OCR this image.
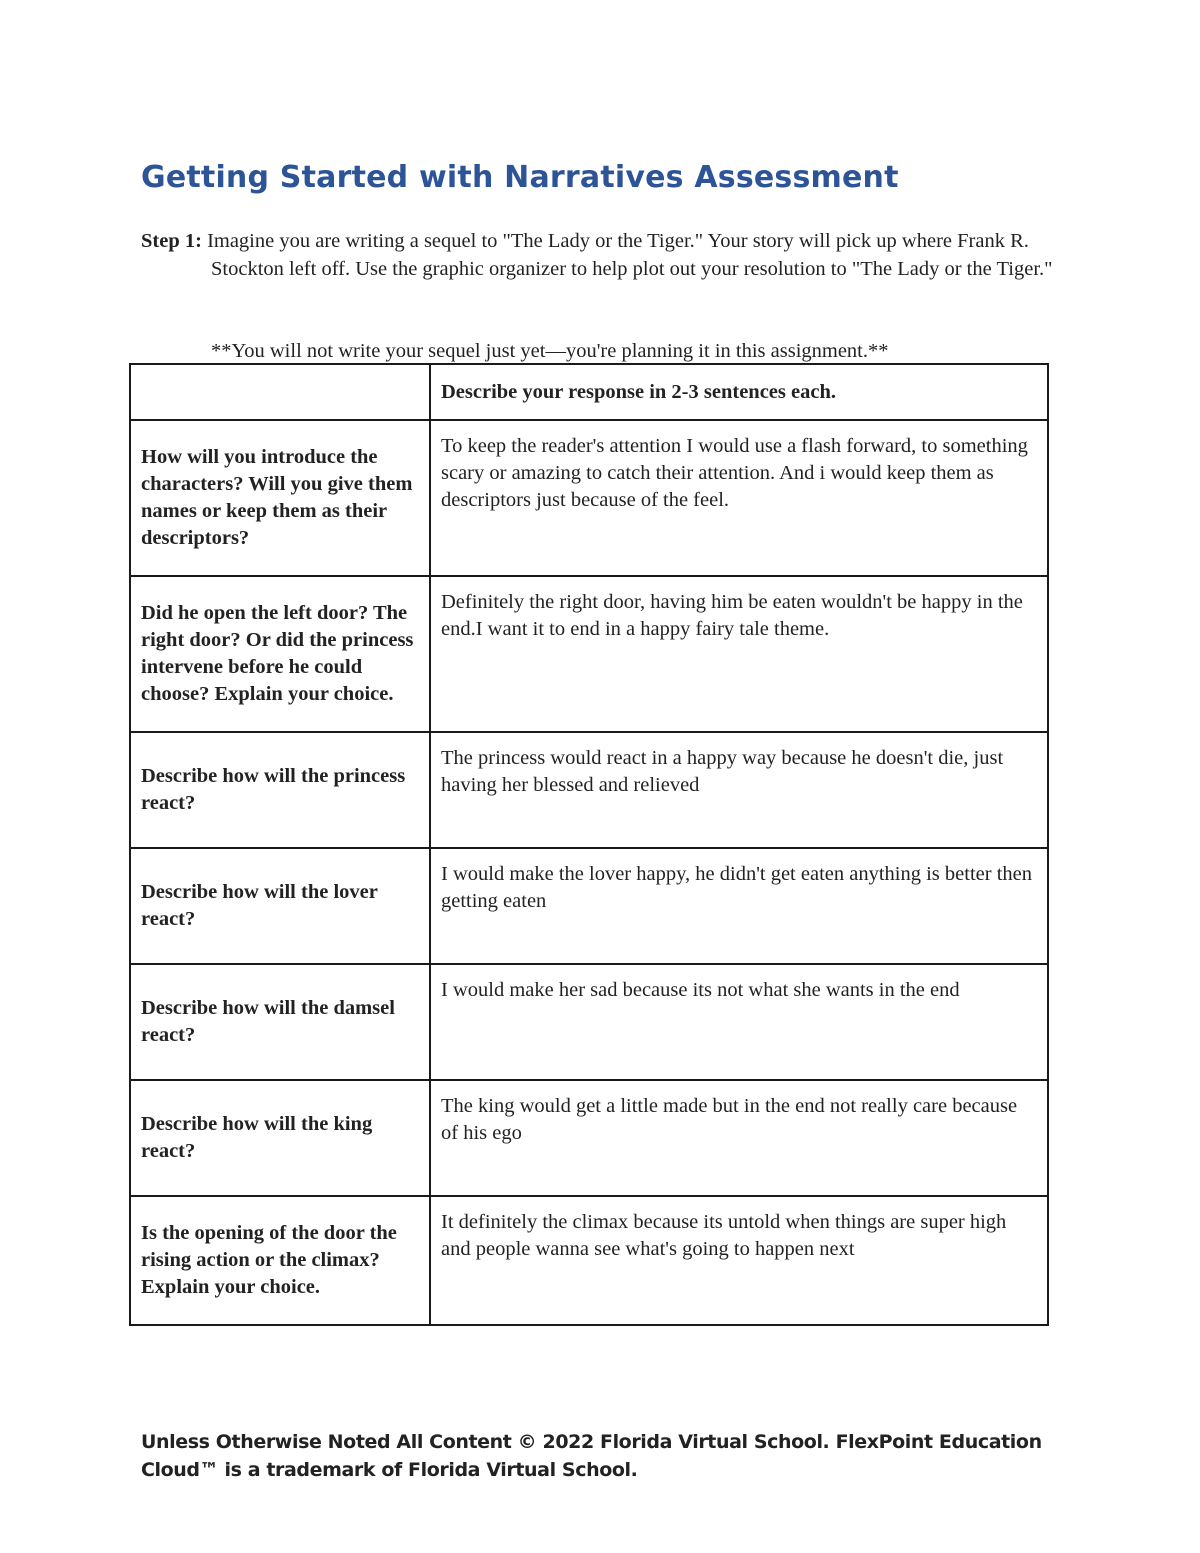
Getting Started with Narratives Assessment

Step 1: Imagine you are writing a sequel to "The Lady or the Tiger." Your story will pick up where Frank R. Stockton left off. Use the graphic organizer to help plot out your resolution to "The Lady or the Tiger."

**You will not write your sequel just yet—you're planning it in this assignment.**

	Describe your response in 2-3 sentences each.
How will you introduce the characters? Will you give them names or keep them as their descriptors?	To keep the reader's attention I would use a flash forward, to something scary or amazing to catch their attention. And i would keep them as descriptors just because of the feel.
Did he open the left door? The right door? Or did the princess intervene before he could choose? Explain your choice.	Definitely the right door, having him be eaten wouldn't be happy in the end.I want it to end in a happy fairy tale theme.
Describe how will the princess react?	The princess would react in a happy way because he doesn't die, just having her blessed and relieved
Describe how will the lover react?	I would make the lover happy, he didn't get eaten anything is better then getting eaten
Describe how will the damsel react?	I would make her sad because its not what she wants in the end
Describe how will the king react?	The king would get a little made but in the end not really care because of his ego
Is the opening of the door the rising action or the climax? Explain your choice.	It definitely the climax because its untold when things are super high and people wanna see what's going to happen next

Unless Otherwise Noted All Content © 2022 Florida Virtual School. FlexPoint Education Cloud™ is a trademark of Florida Virtual School.
